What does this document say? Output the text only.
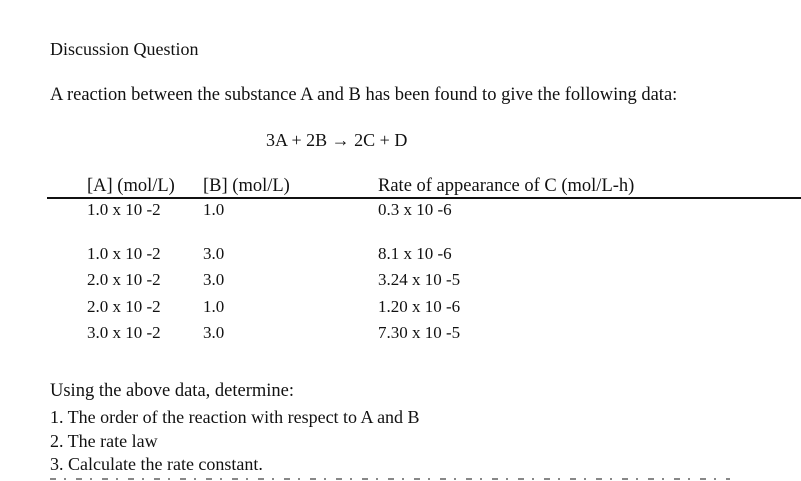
Discussion Question
A reaction between the substance A and B has been found to give the following data:
3A + 2B → 2C + D
[A] (mol/L) [B] (mol/L)	Rate of appearance of C (mol/L-h)
1.0 x 10 -2 1.0	0.3 x 10 -6
1.0 x 10 -2 3.0	8.1 x 10 -6
2.0 x 10 -2 3.0	3.24 x 10 -5
2.0 x 10 -2 1.0	1.20 x 10 -6
3.0 x 10 -2 3.0	7.30 x 10 -5
Using the above data, determine:
1. The order of the reaction with respect to A and B
2. The rate law
3. Calculate the rate constant.
